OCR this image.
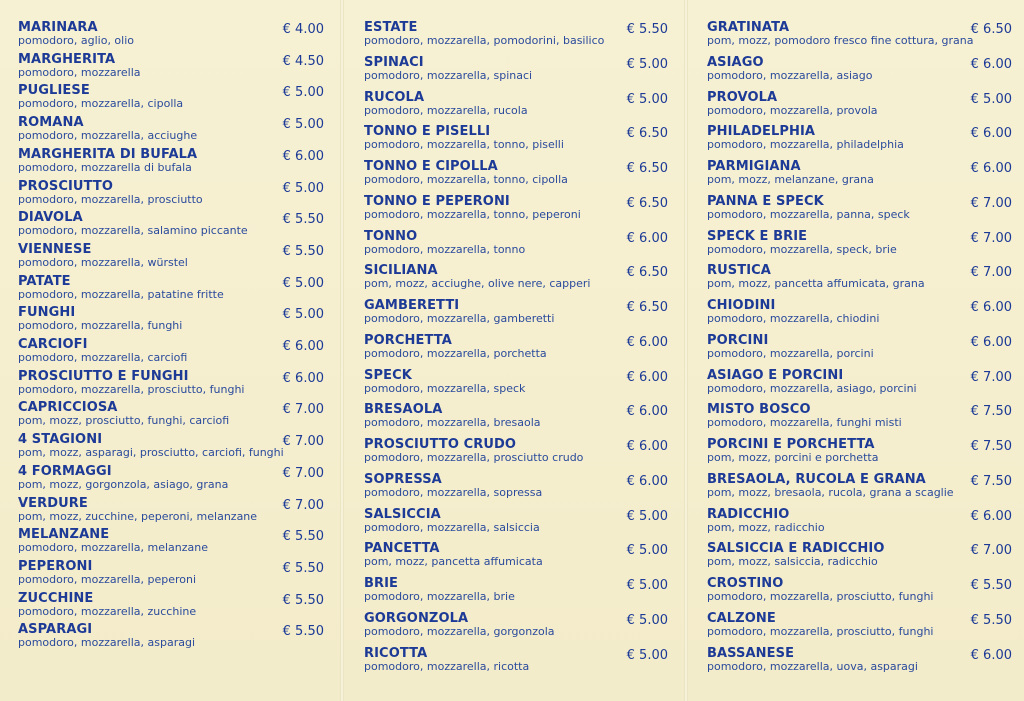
MARINARA
pomodoro, aglio, olio
€ 4.00
MARGHERITA
pomodoro, mozzarella
€ 4.50
PUGLIESE
pomodoro, mozzarella, cipolla
€ 5.00
ROMANA
pomodoro, mozzarella, acciughe
€ 5.00
MARGHERITA DI BUFALA
pomodoro, mozzarella di bufala
€ 6.00
PROSCIUTTO
pomodoro, mozzarella, prosciutto
€ 5.00
DIAVOLA
pomodoro, mozzarella, salamino piccante
€ 5.50
VIENNESE
pomodoro, mozzarella, würstel
€ 5.50
PATATE
pomodoro, mozzarella, patatine fritte
€ 5.00
FUNGHI
pomodoro, mozzarella, funghi
€ 5.00
CARCIOFI
pomodoro, mozzarella, carciofi
€ 6.00
PROSCIUTTO E FUNGHI
pomodoro, mozzarella, prosciutto, funghi
€ 6.00
CAPRICCIOSA
pom, mozz, prosciutto, funghi, carciofi
€ 7.00
4 STAGIONI
pom, mozz, asparagi, prosciutto, carciofi, funghi
€ 7.00
4 FORMAGGI
pom, mozz, gorgonzola, asiago, grana
€ 7.00
VERDURE
pom, mozz, zucchine, peperoni, melanzane
€ 7.00
MELANZANE
pomodoro, mozzarella, melanzane
€ 5.50
PEPERONI
pomodoro, mozzarella, peperoni
€ 5.50
ZUCCHINE
pomodoro, mozzarella, zucchine
€ 5.50
ASPARAGI
pomodoro, mozzarella, asparagi
€ 5.50
ESTATE
pomodoro, mozzarella, pomodorini, basilico
€ 5.50
SPINACI
pomodoro, mozzarella, spinaci
€ 5.00
RUCOLA
pomodoro, mozzarella, rucola
€ 5.00
TONNO E PISELLI
pomodoro, mozzarella, tonno, piselli
€ 6.50
TONNO E CIPOLLA
pomodoro, mozzarella, tonno, cipolla
€ 6.50
TONNO E PEPERONI
pomodoro, mozzarella, tonno, peperoni
€ 6.50
TONNO
pomodoro, mozzarella, tonno
€ 6.00
SICILIANA
pom, mozz, acciughe, olive nere, capperi
€ 6.50
GAMBERETTI
pomodoro, mozzarella, gamberetti
€ 6.50
PORCHETTA
pomodoro, mozzarella, porchetta
€ 6.00
SPECK
pomodoro, mozzarella, speck
€ 6.00
BRESAOLA
pomodoro, mozzarella, bresaola
€ 6.00
PROSCIUTTO CRUDO
pomodoro, mozzarella, prosciutto crudo
€ 6.00
SOPRESSA
pomodoro, mozzarella, sopressa
€ 6.00
SALSICCIA
pomodoro, mozzarella, salsiccia
€ 5.00
PANCETTA
pom, mozz, pancetta affumicata
€ 5.00
BRIE
pomodoro, mozzarella, brie
€ 5.00
GORGONZOLA
pomodoro, mozzarella, gorgonzola
€ 5.00
RICOTTA
pomodoro, mozzarella, ricotta
€ 5.00
GRATINATA
pom, mozz, pomodoro fresco fine cottura, grana
€ 6.50
ASIAGO
pomodoro, mozzarella, asiago
€ 6.00
PROVOLA
pomodoro, mozzarella, provola
€ 5.00
PHILADELPHIA
pomodoro, mozzarella, philadelphia
€ 6.00
PARMIGIANA
pom, mozz, melanzane, grana
€ 6.00
PANNA E SPECK
pomodoro, mozzarella, panna, speck
€ 7.00
SPECK E BRIE
pomodoro, mozzarella, speck, brie
€ 7.00
RUSTICA
pom, mozz, pancetta affumicata, grana
€ 7.00
CHIODINI
pomodoro, mozzarella, chiodini
€ 6.00
PORCINI
pomodoro, mozzarella, porcini
€ 6.00
ASIAGO E PORCINI
pomodoro, mozzarella, asiago, porcini
€ 7.00
MISTO BOSCO
pomodoro, mozzarella, funghi misti
€ 7.50
PORCINI E PORCHETTA
pom, mozz, porcini e porchetta
€ 7.50
BRESAOLA, RUCOLA E GRANA
pom, mozz, bresaola, rucola, grana a scaglie
€ 7.50
RADICCHIO
pom, mozz, radicchio
€ 6.00
SALSICCIA E RADICCHIO
pom, mozz, salsiccia, radicchio
€ 7.00
CROSTINO
pomodoro, mozzarella, prosciutto, funghi
€ 5.50
CALZONE
pomodoro, mozzarella, prosciutto, funghi
€ 5.50
BASSANESE
pomodoro, mozzarella, uova, asparagi
€ 6.00
